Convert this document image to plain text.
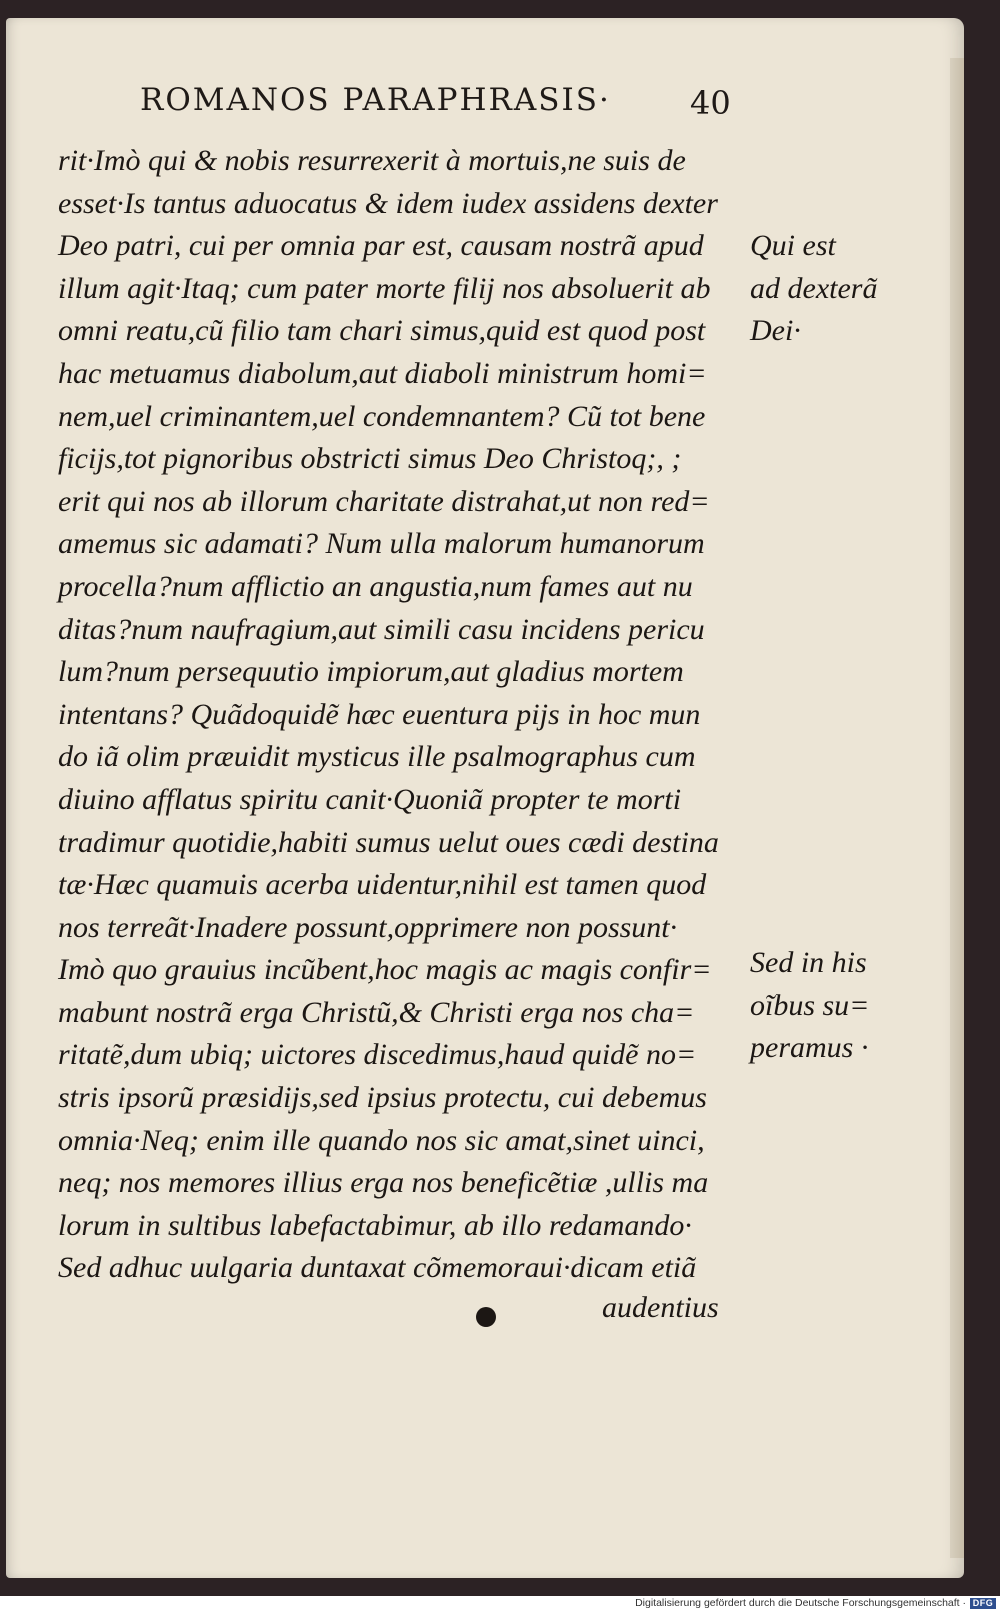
ROMANOS PARAPHRASIS· 40
rit·Imò qui & nobis resurrexerit à mortuis,ne suis de
esset·Is tantus aduocatus & idem iudex assidens dexter
Deo patri, cui per omnia par est, causam nostrã apud
illum agit·Itaq; cum pater morte filij nos absoluerit ab
omni reatu,cũ filio tam chari simus,quid est quod post
hac metuamus diabolum,aut diaboli ministrum homi=
nem,uel criminantem,uel condemnantem? Cũ tot bene
ficijs,tot pignoribus obstricti simus Deo Christoq;, ;
erit qui nos ab illorum charitate distrahat,ut non red=
amemus sic adamati? Num ulla malorum humanorum
procella?num afflictio an angustia,num fames aut nu
ditas?num naufragium,aut simili casu incidens pericu
lum?num persequutio impiorum,aut gladius mortem
intentans? Quãdoquidẽ hæc euentura pijs in hoc mun
do iã olim præuidit mysticus ille psalmographus cum
diuino afflatus spiritu canit·Quoniã propter te morti
tradimur quotidie,habiti sumus uelut oues cædi destina
tæ·Hæc quamuis acerba uidentur,nihil est tamen quod
nos terreãt·Inadere possunt,opprimere non possunt·
Imò quo grauius incũbent,hoc magis ac magis confir=
mabunt nostrã erga Christũ,& Christi erga nos cha=
ritatẽ,dum ubiq; uictores discedimus,haud quidẽ no=
stris ipsorũ præsidijs,sed ipsius protectu, cui debemus
omnia·Neq; enim ille quando nos sic amat,sinet uinci,
neq; nos memores illius erga nos beneficẽtiæ ,ullis ma
lorum in sultibus labefactabimur, ab illo redamando·
Sed adhuc uulgaria duntaxat cõmemoraui·dicam etiã
Qui est
ad dexterã
Dei·
Sed in his
oĩbus su=
peramus ·
audentius
Digitalisierung gefördert durch die Deutsche Forschungsgemeinschaft · DFG
